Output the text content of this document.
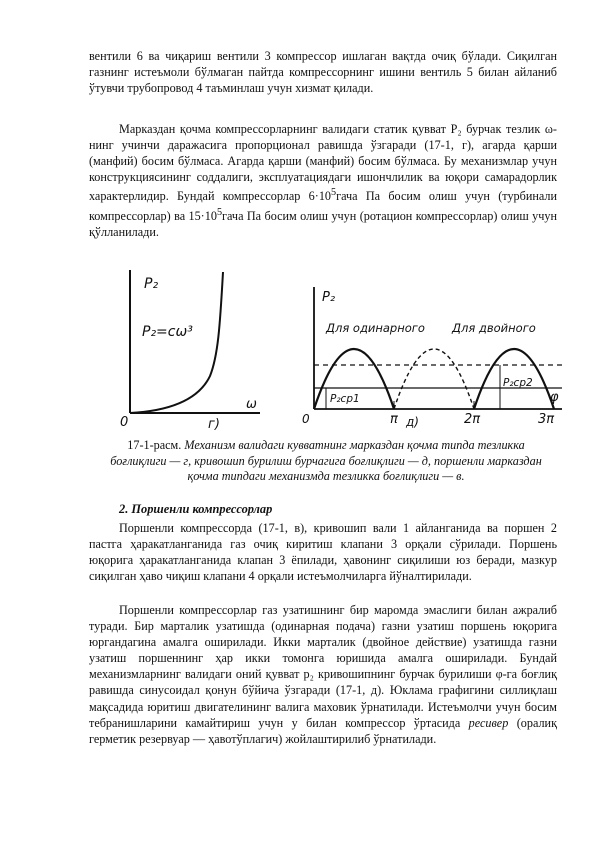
вентили 6 ва чиқариш вентили 3 компрессор ишлаган вақтда очиқ бўлади. Сиқилган газнинг истеъмоли бўлмаган пайтда компрессорнинг ишини вентиль 5 билан айланиб ўтувчи трубопровод 4 таъминлаш учун хизмат қилади.

Марказдан қочма компрессорларнинг валидаги статик қувват P₂ бурчак тезлик ω-нинг учинчи даражасига пропорционал равишда ўзгаради (17-1, г), агарда қарши (манфий) босим бўлмаса. Агарда қарши (манфий) босим бўлмаса. Бу механизмлар учун конструкциясининг соддалиги, эксплуатациядаги ишончлилик ва юқори самарадорлик характерлидир. Бундай компрессорлар $6\cdot 10^5гача$ Па босим олиш учун (турбинали компрессорлар) ва $15\cdot 10^5гача$ Па босим олиш учун (ротацион компрессорлар) олиш учун қўлланилади.

P₂
P₂=cω³
ω
0	г)
P₂
Для одинарного Для двойного
P₂ср1
P₂ср2
0	π	2π	3π
φ
д)

17-1-расм. Механизм валидаги кувватнинг марказдан қочма типда тезликка боғлиқлиги — г, кривошип бурилиш бурчагига боғлиқлиги — д, поршенли марказдан қочма типдаги механизмда тезликка боғлиқлиги — в.

2. Поршенли компрессорлар

Поршенли компрессорда (17-1, в), кривошип вали 1 айланганида ва поршен 2 пастга ҳаракатланганида газ очиқ киритиш клапани 3 орқали сўрилади. Поршень юқорига ҳаракатланганида клапан 3 ёпилади, ҳавонинг сиқилиши юз беради, мазкур сиқилган ҳаво чиқиш клапани 4 орқали истеъмолчиларга йўналтирилади.

Поршенли компрессорлар газ узатишнинг бир маромда эмаслиги билан ажралиб туради. Бир марталик узатишда (одинарная подача) газни узатиш поршень юқорига юргандагина амалга оширилади. Икки марталик (двойное действие) узатишда газни узатиш поршеннинг ҳар икки томонга юришида амалга оширилади. Бундай механизмларнинг валидаги оний қувват p₂ кривошипнинг бурчак бурилиши φ-га боғлиқ равишда синусоидал қонун бўйича ўзгаради (17-1, д). Юклама графигини силлиқлаш мақсадида юритиш двигателининг валига маховик ўрнатилади. Истеъмолчи учун босим тебранишларини камайтириш учун у билан компрессор ўртасида ресивер (оралиқ герметик резервуар — ҳавотўплагич) жойлаштирилиб ўрнатилади.
